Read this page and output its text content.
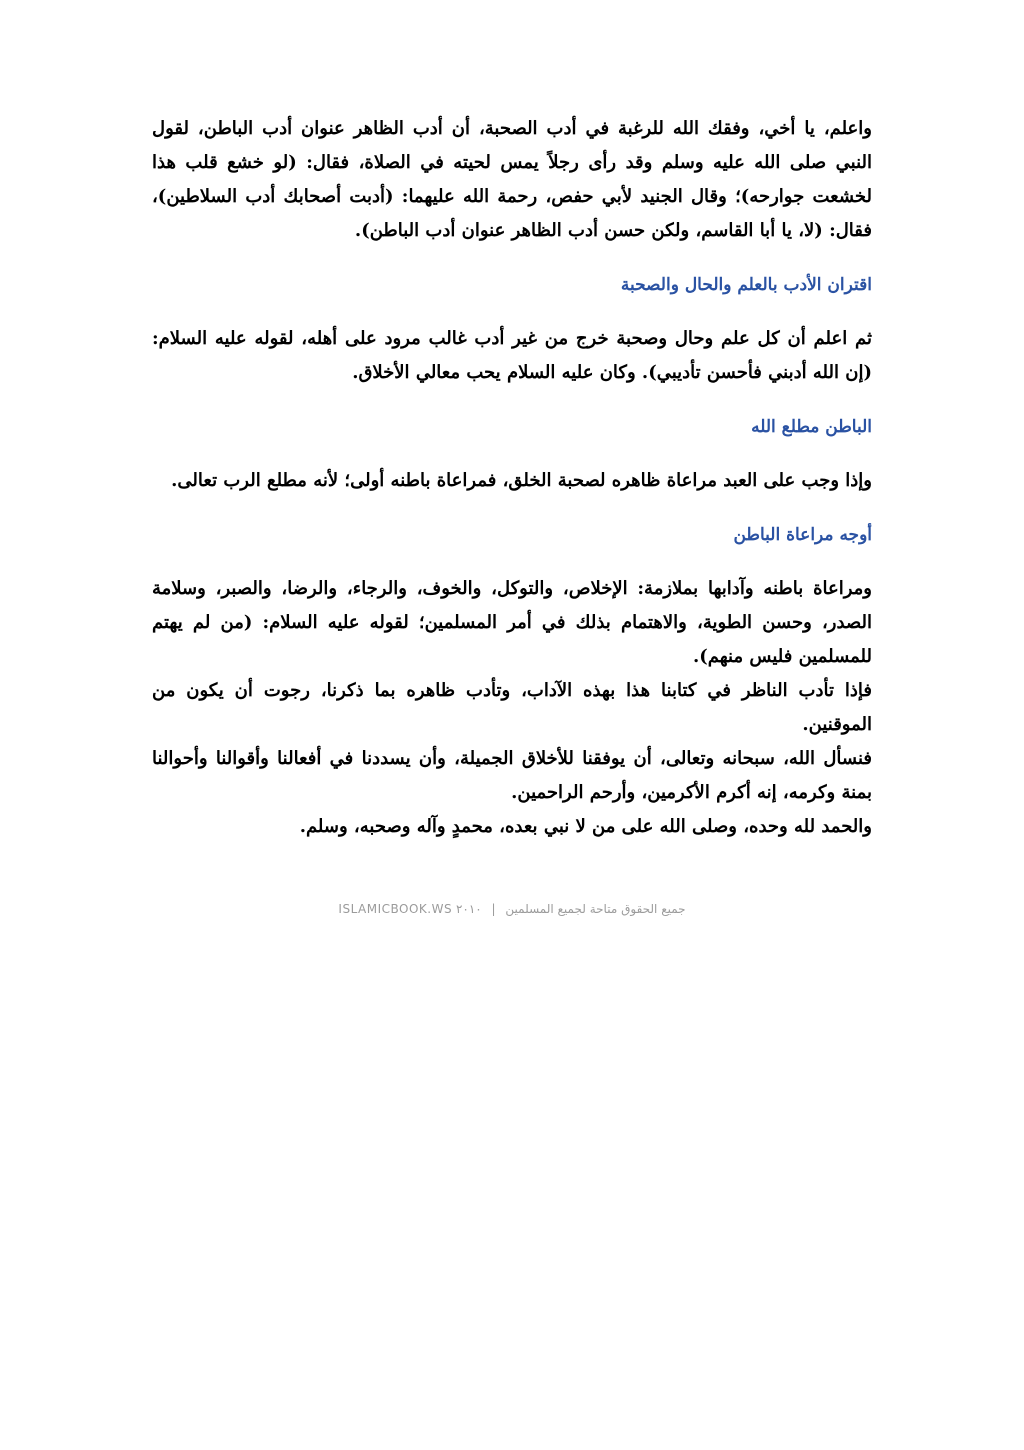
واعلم، يا أخي، وفقك الله للرغبة في أدب الصحبة، أن أدب الظاهر عنوان أدب الباطن، لقول النبي صلى الله عليه وسلم وقد رأى رجلاً يمس لحيته في الصلاة، فقال: (لو خشع قلب هذا لخشعت جوارحه)؛ وقال الجنيد لأبي حفص، رحمة الله عليهما: (أدبت أصحابك أدب السلاطين)، فقال: (لا، يا أبا القاسم، ولكن حسن أدب الظاهر عنوان أدب الباطن).

اقتران الأدب بالعلم والحال والصحبة

ثم اعلم أن كل علم وحال وصحبة خرج من غير أدب غالب مرود على أهله، لقوله عليه السلام: (إن الله أدبني فأحسن تأديبي). وكان عليه السلام يحب معالي الأخلاق.

الباطن مطلع الله

وإذا وجب على العبد مراعاة ظاهره لصحبة الخلق، فمراعاة باطنه أولى؛ لأنه مطلع الرب تعالى.

أوجه مراعاة الباطن

ومراعاة باطنه وآدابها بملازمة: الإخلاص، والتوكل، والخوف، والرجاء، والرضا، والصبر، وسلامة الصدر، وحسن الطوية، والاهتمام بذلك في أمر المسلمين؛ لقوله عليه السلام: (من لم يهتم للمسلمين فليس منهم).

فإذا تأدب الناظر في كتابنا هذا بهذه الآداب، وتأدب ظاهره بما ذكرنا، رجوت أن يكون من الموقنين.

فنسأل الله، سبحانه وتعالى، أن يوفقنا للأخلاق الجميلة، وأن يسددنا في أفعالنا وأقوالنا وأحوالنا بمنة وكرمه، إنه أكرم الأكرمين، وأرحم الراحمين.

والحمد لله وحده، وصلى الله على من لا نبي بعده، محمدٍ وآله وصحبه، وسلم.

جميع الحقوق متاحة لجميع المسلمين | ٢٠١٠ ISLAMICBOOK.WS
